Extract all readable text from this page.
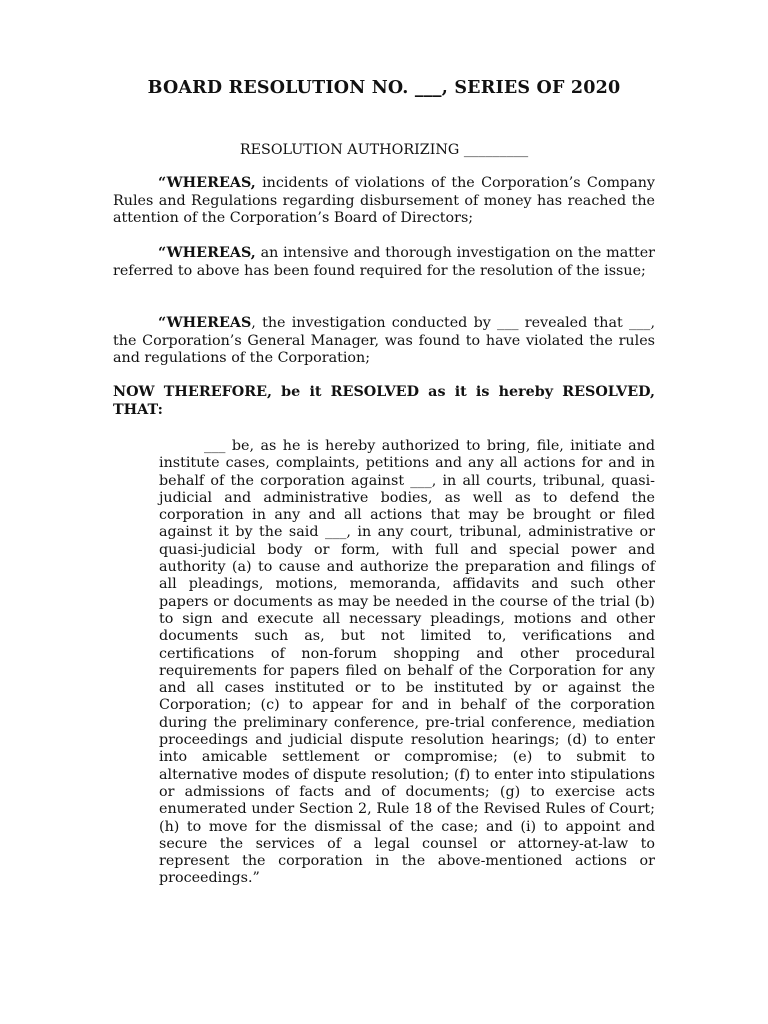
BOARD RESOLUTION NO. ___, SERIES OF 2020
RESOLUTION AUTHORIZING _________

“WHEREAS, incidents of violations of the Corporation’s Company Rules and Regulations regarding disbursement of money has reached the attention of the Corporation’s Board of Directors;

“WHEREAS, an intensive and thorough investigation on the matter referred to above has been found required for the resolution of the issue;

“WHEREAS, the investigation conducted by ___ revealed that ___, the Corporation’s General Manager, was found to have violated the rules and regulations of the Corporation;

NOW THEREFORE, be it RESOLVED as it is hereby RESOLVED, THAT:

___ be, as he is hereby authorized to bring, file, initiate and institute cases, complaints, petitions and any all actions for and in behalf of the corporation against ___, in all courts, tribunal, quasi-judicial and administrative bodies, as well as to defend the corporation in any and all actions that may be brought or filed against it by the said ___, in any court, tribunal, administrative or quasi-judicial body or form, with full and special power and authority (a) to cause and authorize the preparation and filings of all pleadings, motions, memoranda, affidavits and such other papers or documents as may be needed in the course of the trial (b) to sign and execute all necessary pleadings, motions and other documents such as, but not limited to, verifications and certifications of non-forum shopping and other procedural requirements for papers filed on behalf of the Corporation for any and all cases instituted or to be instituted by or against the Corporation; (c) to appear for and in behalf of the corporation during the preliminary conference, pre-trial conference, mediation proceedings and judicial dispute resolution hearings; (d) to enter into amicable settlement or compromise; (e) to submit to alternative modes of dispute resolution; (f) to enter into stipulations or admissions of facts and of documents; (g) to exercise acts enumerated under Section 2, Rule 18 of the Revised Rules of Court; (h) to move for the dismissal of the case; and (i) to appoint and secure the services of a legal counsel or attorney-at-law to represent the corporation in the above-mentioned actions or proceedings.”
